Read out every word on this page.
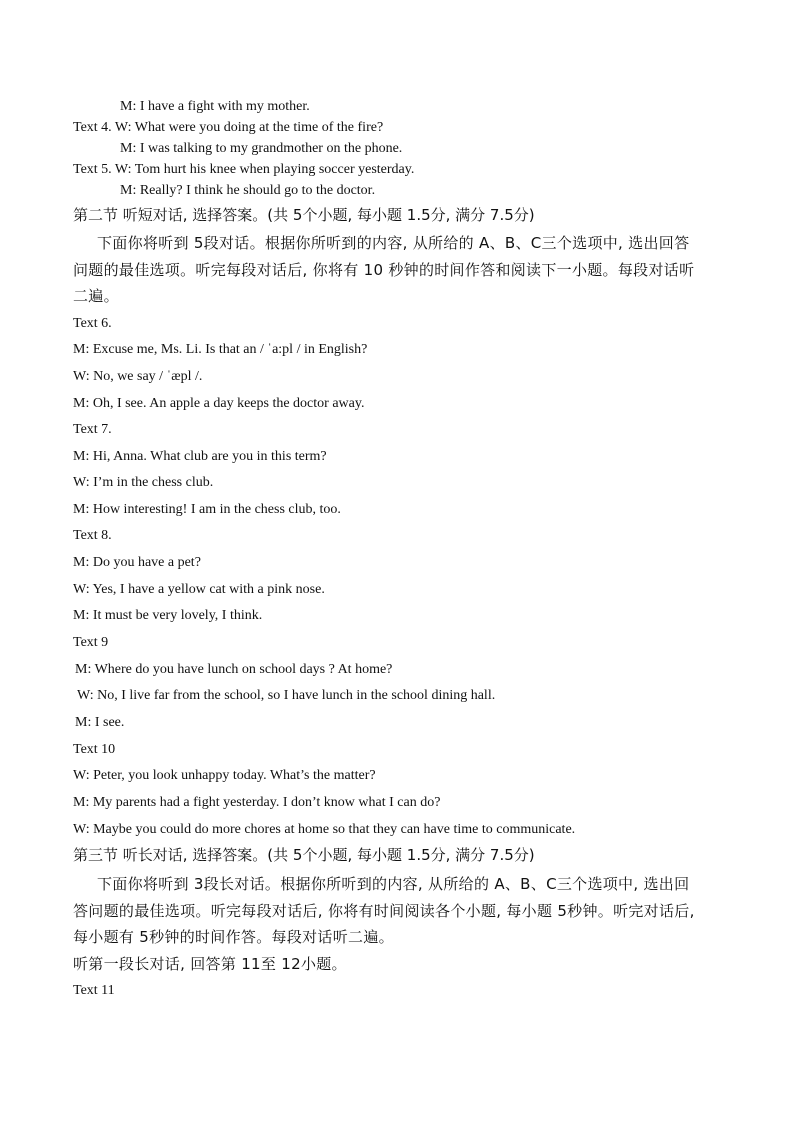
M: I have a fight with my mother.
Text 4. W: What were you doing at the time of the fire?
M: I was talking to my grandmother on the phone.
Text 5. W: Tom hurt his knee when playing soccer yesterday.
M: Really? I think he should go to the doctor.
第二节 听短对话, 选择答案。(共 5个小题, 每小题 1.5分, 满分 7.5分)
下面你将听到 5段对话。根据你所听到的内容, 从所给的 A、B、C三个选项中, 选出回答
问题的最佳选项。听完每段对话后, 你将有 10 秒钟的时间作答和阅读下一小题。每段对话听
二遍。
Text 6.
M: Excuse me, Ms. Li. Is that an / ˈa:pl / in English?
W: No, we say / ˈæpl /.
M: Oh, I see. An apple a day keeps the doctor away.
Text 7.
M: Hi, Anna. What club are you in this term?
W: I’m in the chess club.
M: How interesting! I am in the chess club, too.
Text 8.
M: Do you have a pet?
W: Yes, I have a yellow cat with a pink nose.
M: It must be very lovely, I think.
Text 9
M: Where do you have lunch on school days ? At home?
W: No, I live far from the school, so I have lunch in the school dining hall.
M: I see.
Text 10
W: Peter, you look unhappy today. What’s the matter?
M: My parents had a fight yesterday. I don’t know what I can do?
W: Maybe you could do more chores at home so that they can have time to communicate.
第三节 听长对话, 选择答案。(共 5个小题, 每小题 1.5分, 满分 7.5分)
下面你将听到 3段长对话。根据你所听到的内容, 从所给的 A、B、C三个选项中, 选出回
答问题的最佳选项。听完每段对话后, 你将有时间阅读各个小题, 每小题 5秒钟。听完对话后,
每小题有 5秒钟的时间作答。每段对话听二遍。
听第一段长对话, 回答第 11至 12小题。
Text 11
